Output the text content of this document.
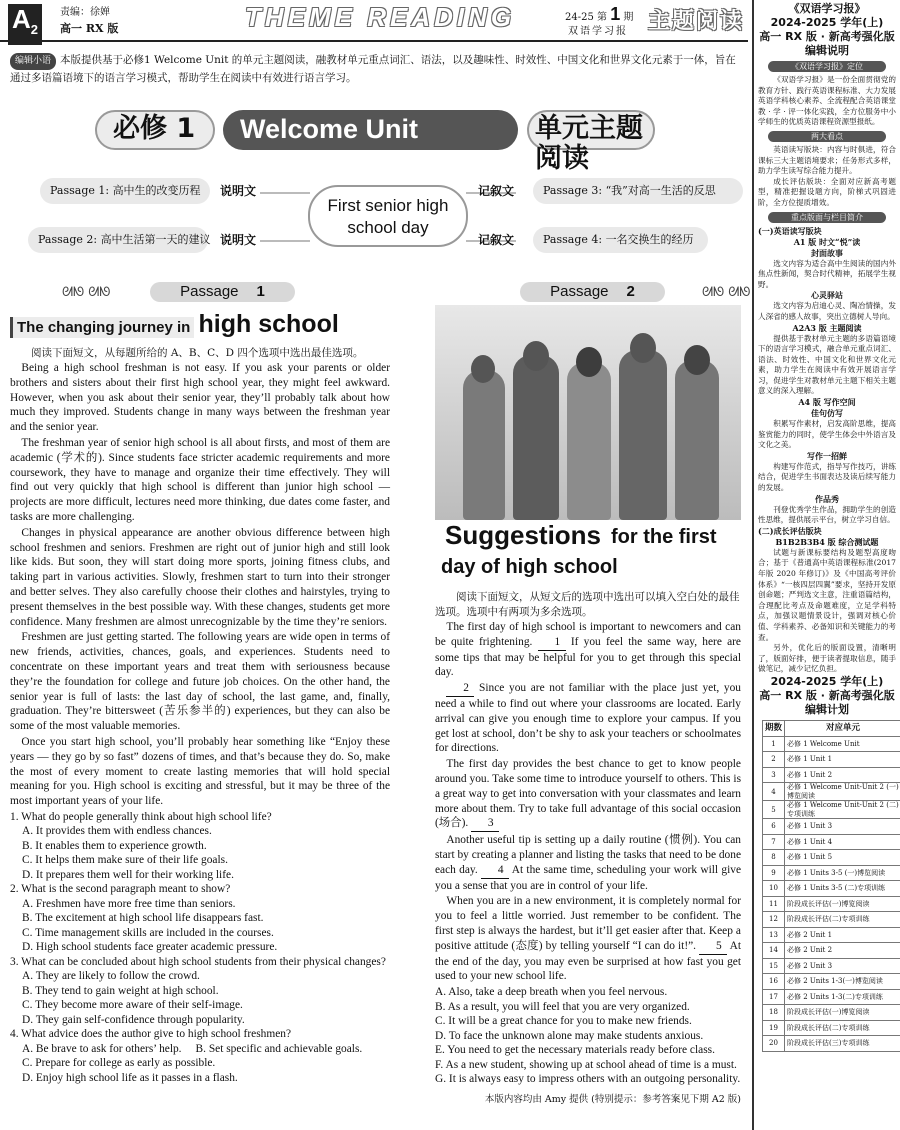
$A_2$
责编：徐婵
高一 RX 版	THEME READING	24-25 第 1 期
双语学习报 主题阅读
编辑小语 本版提供基于必修1 Welcome Unit 的单元主题阅读，融教材单元重点词汇、语法，以及趣味性、时效性、中国文化和世界文化元素于一体，旨在通过多语篇语境下的语言学习模式，帮助学生在阅读中有效进行语言学习。
必修 1 Welcome Unit	单元主题阅读
Passage 1: 高中生的改变历程	说明文
Passage 2: 高中生活第一天的建议 说明文
记叙文	Passage 3: “我”对高一生活的反思
记叙文	Passage 4: 一名交换生的经历
First senior high school day
ᘛᘚ ᘛᘚ	Passage 1	Passage 2	ᘛᘚ ᘛᘚ
The changing journey in high school
阅读下面短文，从每题所给的 A、B、C、D 四个选项中选出最佳选项。

Being a high school freshman is not easy. If you ask your parents or older brothers and sisters about their first high school year, they might feel awkward. However, when you ask about their senior year, they’ll probably talk about how much they improved. Students change in many ways between the freshman year and the senior year.

The freshman year of senior high school is all about firsts, and most of them are academic (学术的). Since students face stricter academic requirements and more coursework, they have to manage and organize their time effectively. They will find out very quickly that high school is different than junior high school — projects are more difficult, lectures need more thinking, due dates come faster, and tasks are more challenging.

Changes in physical appearance are another obvious difference between high school freshmen and seniors. Freshmen are right out of junior high and still look like kids. But soon, they will start doing more sports, joining fitness clubs, and taking part in various activities. Slowly, freshmen start to turn into their stronger and better selves. They also carefully choose their clothes and hairstyles, trying to present themselves in the best possible way. With these changes, students get more confidence. Many freshmen are almost unrecognizable by the time they’re seniors.

Freshmen are just getting started. The following years are wide open in terms of new friends, activities, chances, goals, and experiences. Students need to concentrate on these important years and treat them with seriousness because they’re the foundation for college and future job choices. On the other hand, the senior year is full of lasts: the last day of school, the last game, and, finally, graduation. They’re bittersweet (苦乐参半的) experiences, but they can also be some of the most valuable memories.

Once you start high school, you’ll probably hear something like “Enjoy these years — they go by so fast” dozens of times, and that’s because they do. So, make the most of every moment to create lasting memories that will hold special meaning for you. High school is exciting and stressful, but it may be three of the most important years of your life.

1. What do people generally think about high school life?
A. It provides them with endless chances.
B. It enables them to experience growth.
C. It helps them make sure of their life goals.
D. It prepares them well for their working life.
2. What is the second paragraph meant to show?
A. Freshmen have more free time than seniors.
B. The excitement at high school life disappears fast.
C. Time management skills are included in the courses.
D. High school students face greater academic pressure.
3. What can be concluded about high school students from their physical changes?
A. They are likely to follow the crowd.
B. They tend to gain weight at high school.
C. They become more aware of their self-image.
D. They gain self-confidence through popularity.
4. What advice does the author give to high school freshmen?
A. Be brave to ask for others’ help. B. Set specific and achievable goals.
C. Prepare for college as early as possible.
D. Enjoy high school life as it passes in a flash.
Suggestions for the first
day of high school
阅读下面短文，从短文后的选项中选出可以填入空白处的最佳选项。选项中有两项为多余选项。

The first day of high school is important to newcomers and can be quite frightening. 1 If you feel the same way, here are some tips that may be helpful for you to get through this special day.

2 Since you are not familiar with the place just yet, you need a while to find out where your classrooms are located. Early arrival can give you enough time to explore your campus. If you get lost at school, don’t be shy to ask your teachers or schoolmates for directions.

The first day provides the best chance to get to know people around you. Take some time to introduce yourself to others. This is a great way to get into conversation with your classmates and learn more about them. Try to take full advantage of this social occasion (场合). 3

Another useful tip is setting up a daily routine (惯例). You can start by creating a planner and listing the tasks that need to be done each day. 4 At the same time, scheduling your work will give you a sense that you are in control of your life.

When you are in a new environment, it is completely normal for you to feel a little worried. Just remember to be confident. The first step is always the hardest, but it’ll get easier after that. Keep a positive attitude (态度) by telling yourself “I can do it!”. 5 At the end of the day, you may even be surprised at how fast you get used to your new school life.

A. Also, take a deep breath when you feel nervous.
B. As a result, you will feel that you are very organized.
C. It will be a great chance for you to make new friends.
D. To face the unknown alone may make students anxious.
E. You need to get the necessary materials ready before class.
F. As a new student, showing up at school ahead of time is a must.
G. It is always easy to impress others with an outgoing personality.
本版内容均由 Amy 提供 (特别提示：参考答案见下期 A2 版)
《双语学习报》
2024-2025 学年(上)
高一 RX 版 · 新高考强化版
编辑说明
《双语学习报》定位
《双语学习报》是一份全面贯彻党的教育方针、践行英语课程标准、大力发展英语学科核心素养、全流程配合英语课堂教 · 学 · 评一体化实践，全方位服务中小学师生的优质英语课程资源型报纸。
两大看点
英语读写版块：内容与时俱进，符合课标三大主题语境要求；任务形式多样，助力学生读写综合能力提升。
成长评估版块：全面对应新高考题型，精准把握设题方向，阶梯式巩固进阶，全方位提质增效。
重点版面与栏目简介
(一)英语读写版块
A1 版 时文“悦”读
封面故事
选文内容为适合高中生阅读的国内外焦点性新闻，契合时代精神，拓展学生视野。
心灵驿站
选文内容为启迪心灵、陶冶情操，发人深省的感人故事，突出立德树人导向。
A2A3 版 主题阅读
提供基于教材单元主题的多语篇语境下的语言学习模式，融合单元重点词汇、语法、时效性、中国文化和世界文化元素，助力学生在阅读中有效开展语言学习，促进学生对教材单元主题下相关主题意义的深入理解。
A4 版 写作空间
佳句仿写
积累写作素材，启发高阶思维，提高鉴赏能力的同时，使学生体会中外语言及文化之美。
写作一招鲜
构建写作范式，指导写作技巧，讲练结合，促进学生书面表达及读后续写能力的发展。
作品秀
刊登优秀学生作品，拥助学生的创造性思维，提供展示平台，树立学习自信。
(二)成长评估版块
B1B2B3B4 版 综合测试题
试题与新课标要结构及题型高度吻合；基于《普通高中英语课程标准(2017 年版 2020 年修订)》及《中国高考评价体系》“一核四层四翼”要求，坚持开发原创命题；严判选文主意，注重语篇结构，合理配比考点及命题难度，立足学科特点，加强议题情景设计，强调对核心价值、学科素养、必备知识和关键能力的考查。
另外，优化后的版面设置，清晰明了，版面好排，便于读者提取信息，随手做笔记，减少记忆负担。
2024-2025 学年(上)
高一 RX 版 · 新高考强化版
编辑计划
期数	对应单元
1	必修 1 Welcome Unit
2	必修 1 Unit 1
3	必修 1 Unit 2
4	必修 1 Welcome Unit-Unit 2 (一)博览阅读
5	必修 1 Welcome Unit-Unit 2 (二)专项训练
6	必修 1 Unit 3
7	必修 1 Unit 4
8	必修 1 Unit 5
9	必修 1 Units 3-5 (一)博览阅读
10	必修 1 Units 3-5 (二)专项训练
11	阶段成长评估(一)博览阅读
12	阶段成长评估(二)专项训练
13	必修 2 Unit 1
14	必修 2 Unit 2
15	必修 2 Unit 3
16	必修 2 Units 1-3(一)博览阅读
17	必修 2 Units 1-3(二)专项训练
18	阶段成长评估(一)博览阅读
19	阶段成长评估(二)专项训练
20	阶段成长评估(三)专项训练
